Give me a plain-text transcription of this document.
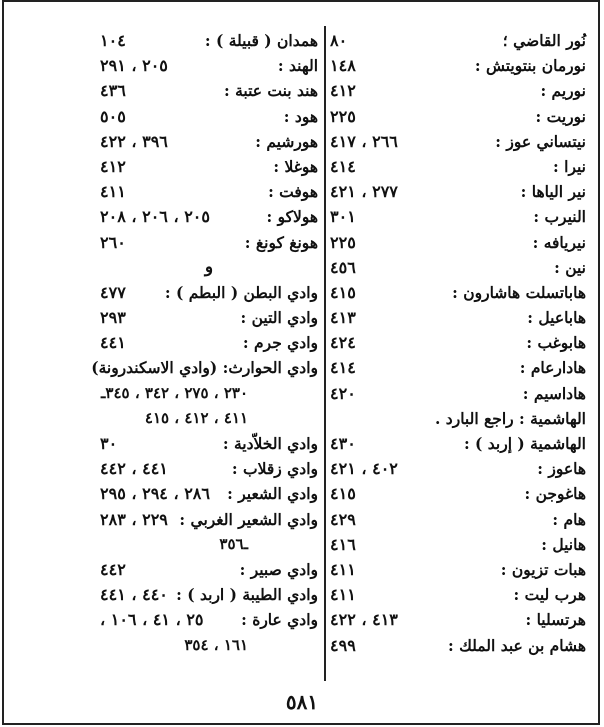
نُور القاضي ؛
٨٠
نورمان بنتويتش :
١٤٨
نوريم :
٤١٢
نوريت :
٢٢٥
نيتساني عوز :
٢٦٦ ، ٤١٧
نيرا :
٤١٤
نير الياها :
٢٧٧ ، ٤٢١
النيرب :
٣٠١
نيريافه :
٢٢٥
نين :
٤٥٦
هاباتسلت هاشارون :
٤١٥
هاباعيل :
٤١٣
هابوغب :
٤٢٤
هادارعام :
٤١٤
هاداسيم :
٤٢٠
الهاشمية : راجع البارد .
الهاشمية ( إربد ) :
٤٣٠
هاعوز :
٤٠٢ ، ٤٢١
هاغوجن :
٤١٥
هام :
٤٢٩
هانيل :
٤١٦
هبات تزيون :
٤١١
هرب ليت :
٤١١
هرتسليا :
٤١٣ ، ٤٢٢
هشام بن عبد الملك :
٤٩٩
همدان ( قبيلة ) :
١٠٤
الهند :
٢٠٥ ، ٢٩١
هند بنت عتبة :
٤٣٦
هود :
٥٠٥
هورشيم :
٣٩٦ ، ٤٢٢
هوغلا :
٤١٢
هوفت :
٤١١
هولاكو :
٢٠٥ ، ٢٠٦ ، ٢٠٨
هونغ كونغ :
٢٦٠
و
وادي البطن ( البطم ) :
٤٧٧
وادي التين :
٢٩٣
وادي جرم :
٤٤١
وادي الحوارث: (وادي الاسكندرونة)
٢٣٠ ، ٢٧٥ ، ٣٤٢ ، ٣٤٥ـ
٤١١ ، ٤١٢ ، ٤١٥
وادي الخلاّدية :
٣٠
وادي زقلاب :
٤٤١ ، ٤٤٢
وادي الشعير :
٢٨٦ ، ٢٩٤ ، ٢٩٥
وادي الشعير الغربي :
٢٢٩ ، ٢٨٣
ـ٣٥٦
وادي صبير :
٤٤٢
وادي الطيبة ( اربد ) :
٤٤٠ ، ٤٤١
وادي عارة :
٢٥ ، ٤١ ، ١٠٦ ،
١٦١ ، ٣٥٤
٥٨١
